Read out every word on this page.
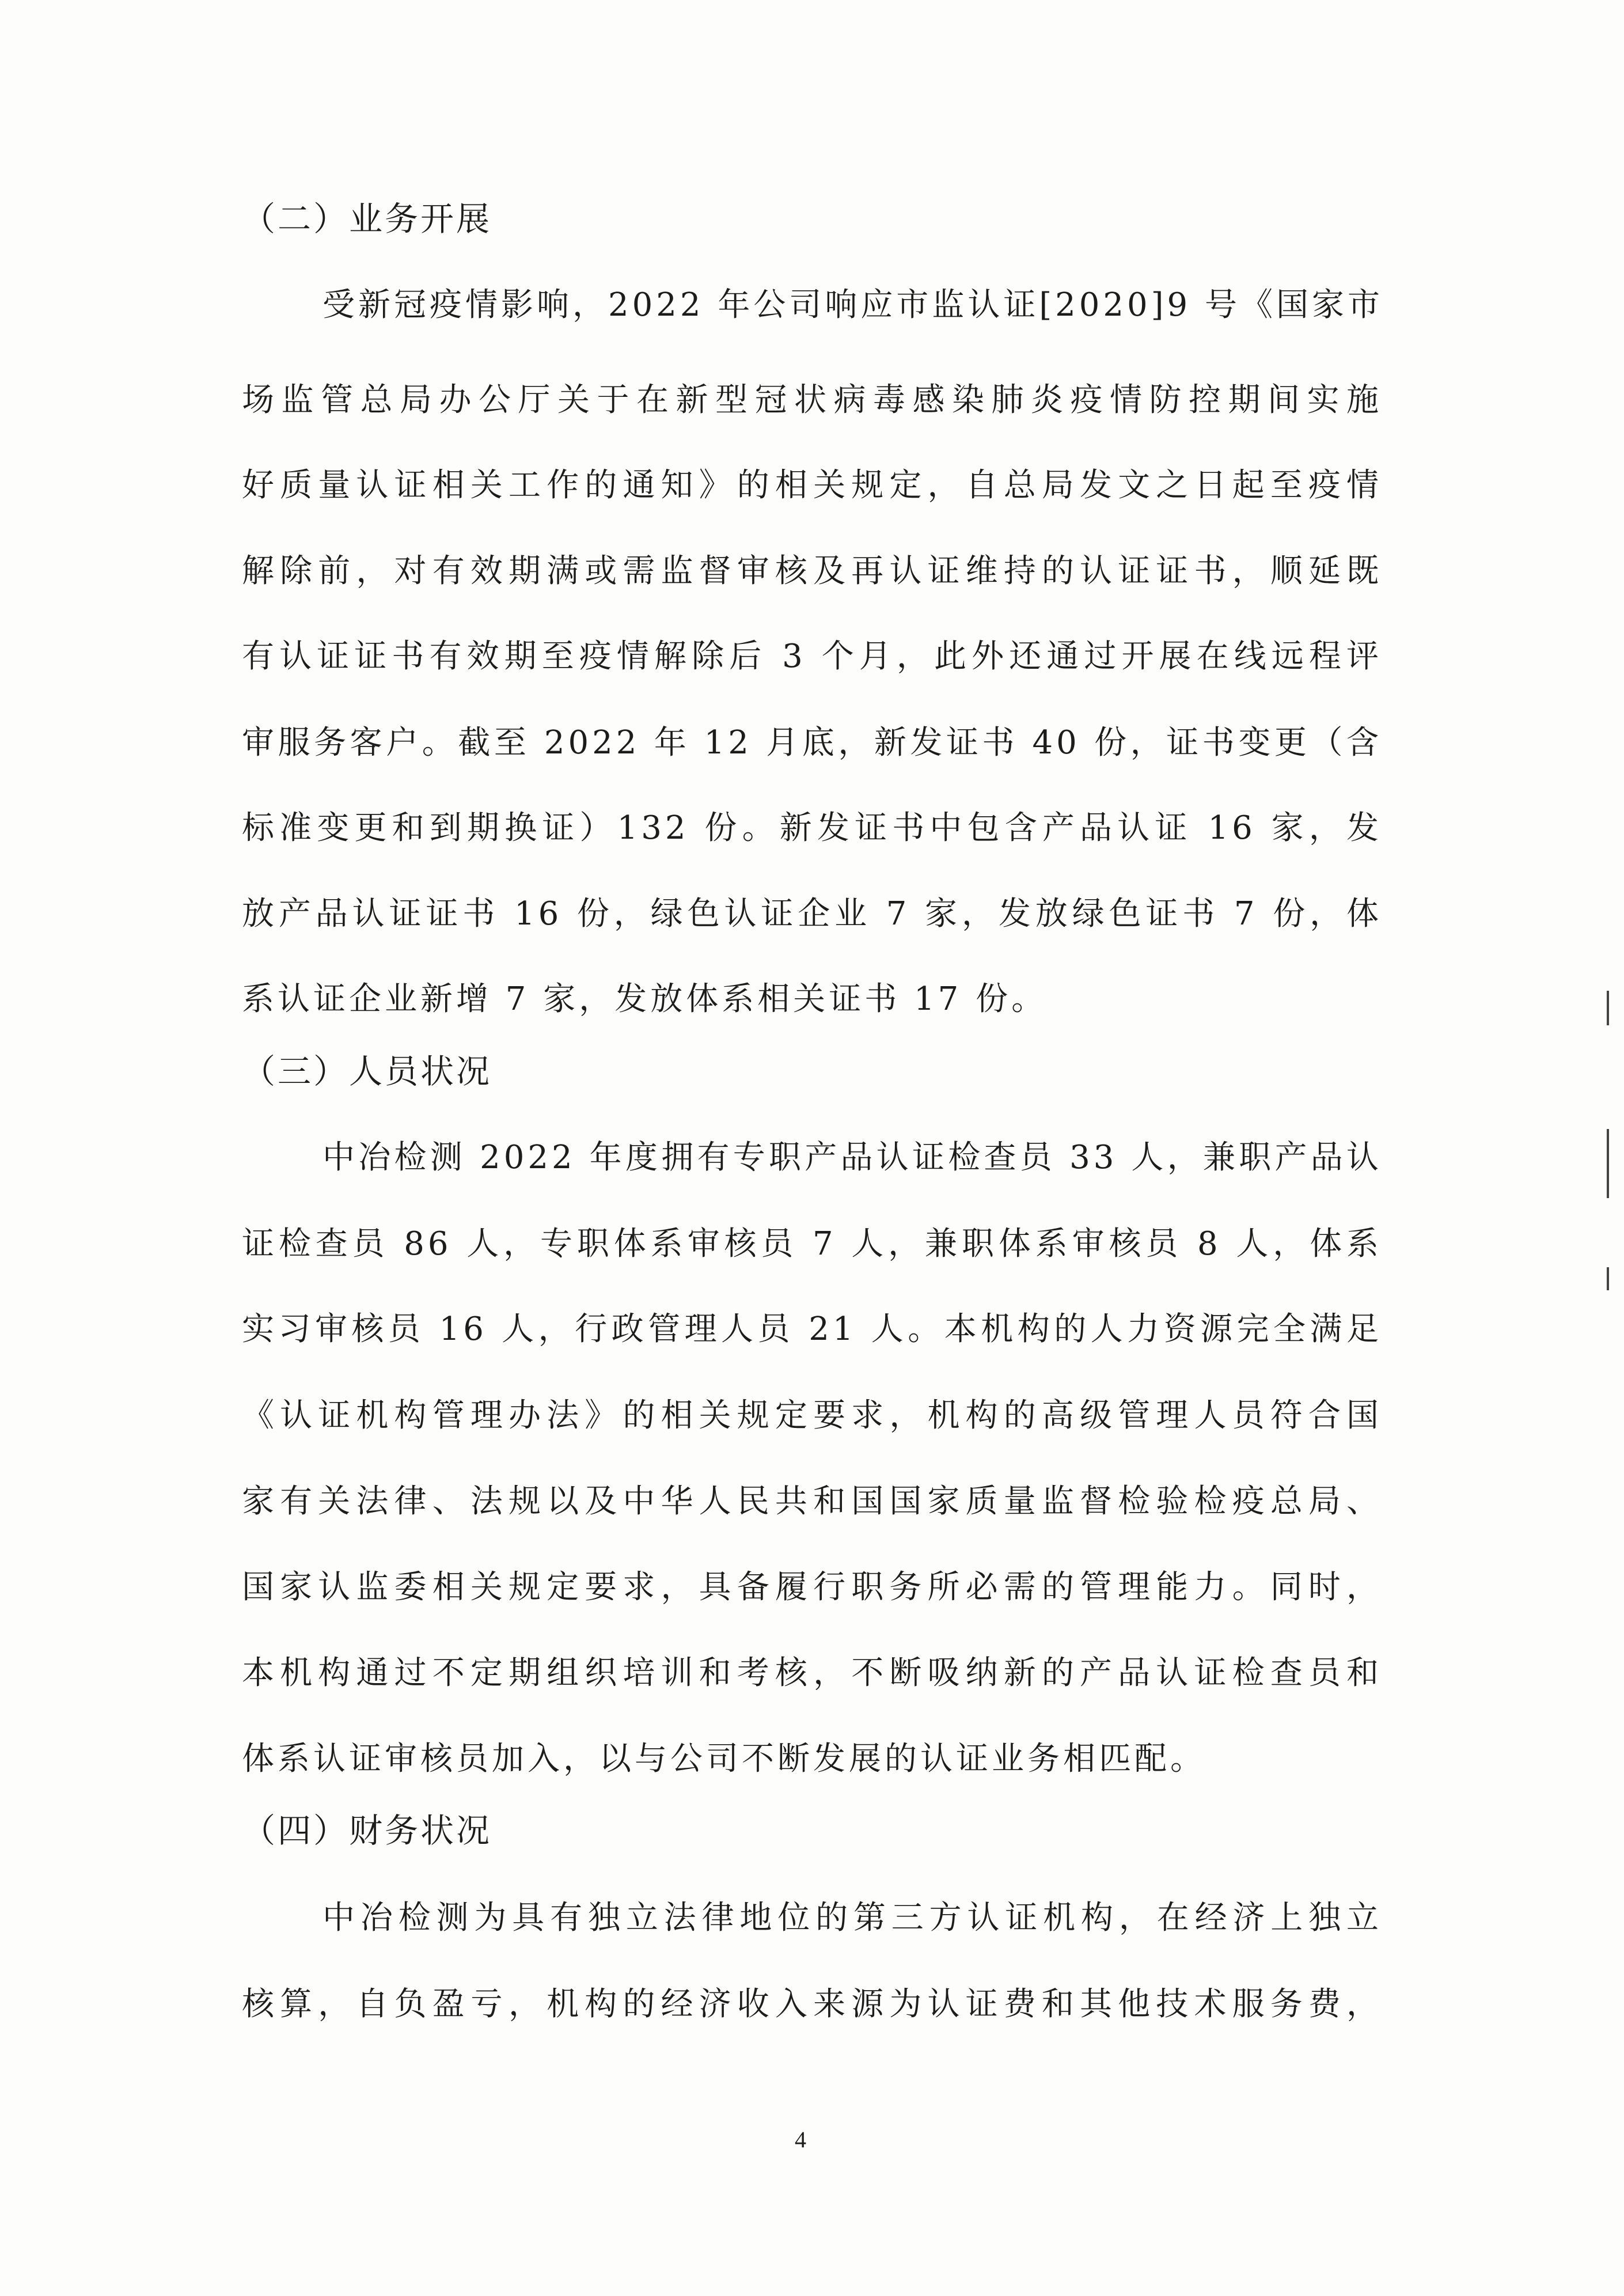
（二）业务开展
受新冠疫情影响，2022 年公司响应市监认证[2020]9 号《国家市
场监管总局办公厅关于在新型冠状病毒感染肺炎疫情防控期间实施
好质量认证相关工作的通知》的相关规定，自总局发文之日起至疫情
解除前，对有效期满或需监督审核及再认证维持的认证证书，顺延既
有认证证书有效期至疫情解除后 3 个月，此外还通过开展在线远程评
审服务客户。截至 2022 年 12 月底，新发证书 40 份，证书变更（含
标准变更和到期换证）132 份。新发证书中包含产品认证 16 家，发
放产品认证证书 16 份，绿色认证企业 7 家，发放绿色证书 7 份，体
系认证企业新增 7 家，发放体系相关证书 17 份。
（三）人员状况
中冶检测 2022 年度拥有专职产品认证检查员 33 人，兼职产品认
证检查员 86 人，专职体系审核员 7 人，兼职体系审核员 8 人，体系
实习审核员 16 人，行政管理人员 21 人。本机构的人力资源完全满足
《认证机构管理办法》的相关规定要求，机构的高级管理人员符合国
家有关法律、法规以及中华人民共和国国家质量监督检验检疫总局、
国家认监委相关规定要求，具备履行职务所必需的管理能力。同时，
本机构通过不定期组织培训和考核，不断吸纳新的产品认证检查员和
体系认证审核员加入，以与公司不断发展的认证业务相匹配。
（四）财务状况
中冶检测为具有独立法律地位的第三方认证机构，在经济上独立
核算，自负盈亏，机构的经济收入来源为认证费和其他技术服务费，
4
